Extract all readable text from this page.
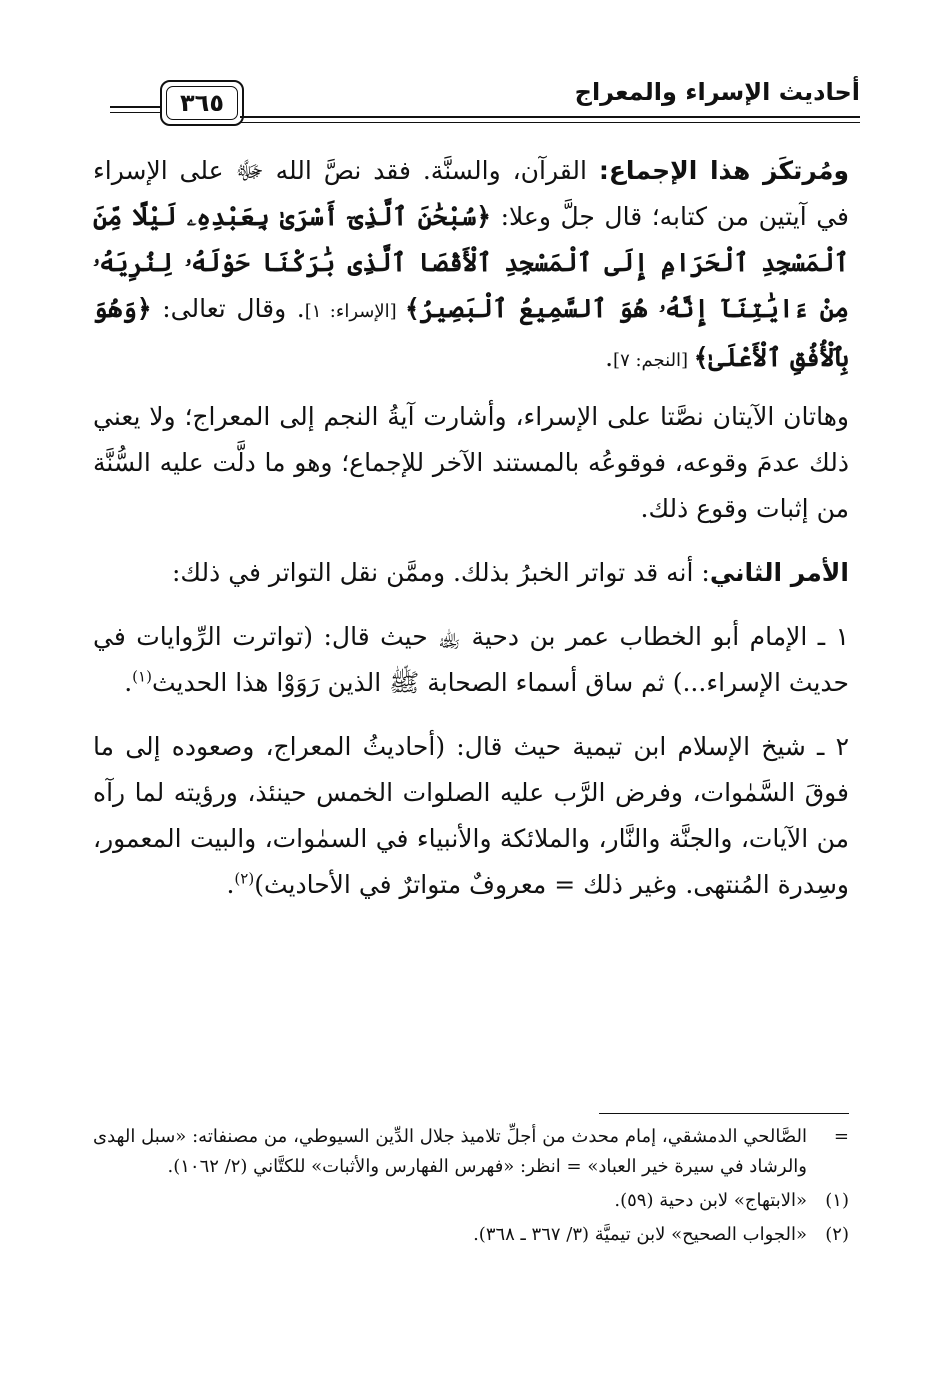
أحاديث الإسراء والمعراج
٣٦٥

ومُرتكَز هذا الإجماع: القرآن، والسنَّة. فقد نصَّ الله ﷻ على الإسراء في آيتين من كتابه؛ قال جلَّ وعلا: ﴿سُبْحَٰنَ ٱلَّذِىٓ أَسْرَىٰ بِعَبْدِهِۦ لَيْلًا مِّنَ ٱلْمَسْجِدِ ٱلْحَرَامِ إِلَى ٱلْمَسْجِدِ ٱلْأَقْصَا ٱلَّذِى بَٰرَكْنَا حَوْلَهُۥ لِنُرِيَهُۥ مِنْ ءَايَٰتِنَآ إِنَّهُۥ هُوَ ٱلسَّمِيعُ ٱلْبَصِيرُ﴾ [الإسراء: ١]. وقال تعالى: ﴿وَهُوَ بِٱلْأُفُقِ ٱلْأَعْلَىٰ﴾ [النجم: ٧].

وهاتان الآيتان نصَّتا على الإسراء، وأشارت آيةُ النجم إلى المعراج؛ ولا يعني ذلك عدمَ وقوعه، فوقوعُه بالمستند الآخر للإجماع؛ وهو ما دلَّت عليه السُّنَّة من إثبات وقوع ذلك.

الأمر الثاني: أنه قد تواتر الخبرُ بذلك. وممَّن نقل التواتر في ذلك:

١ ـ الإمام أبو الخطاب عمر بن دحية ﵀ حيث قال: (تواترت الرِّوايات في حديث الإسراء...) ثم ساق أسماء الصحابة ﷺ الذين رَوَوْا هذا الحديث$^{(١)}$.

٢ ـ شيخ الإسلام ابن تيمية حيث قال: (أحاديثُ المعراج، وصعوده إلى ما فوقَ السَّمٰوات، وفرض الرَّب عليه الصلوات الخمس حينئذ، ورؤيته لما رآه من الآيات، والجنَّة والنَّار، والملائكة والأنبياء في السمٰوات، والبيت المعمور، وسِدرة المُنتهى. وغير ذلك = معروفٌ متواترٌ في الأحاديث)$^{(٢)}$.

=
الصَّالحي الدمشقي، إمام محدث من أجلِّ تلاميذ جلال الدِّين السيوطي، من مصنفاته: «سبل الهدى والرشاد في سيرة خير العباد» = انظر: «فهرس الفهارس والأثبات» للكتَّاني (٢/ ١٠٦٢).
(١)
«الابتهاج» لابن دحية (٥٩).
(٢)
«الجواب الصحيح» لابن تيميَّة (٣/ ٣٦٧ ـ ٣٦٨).
